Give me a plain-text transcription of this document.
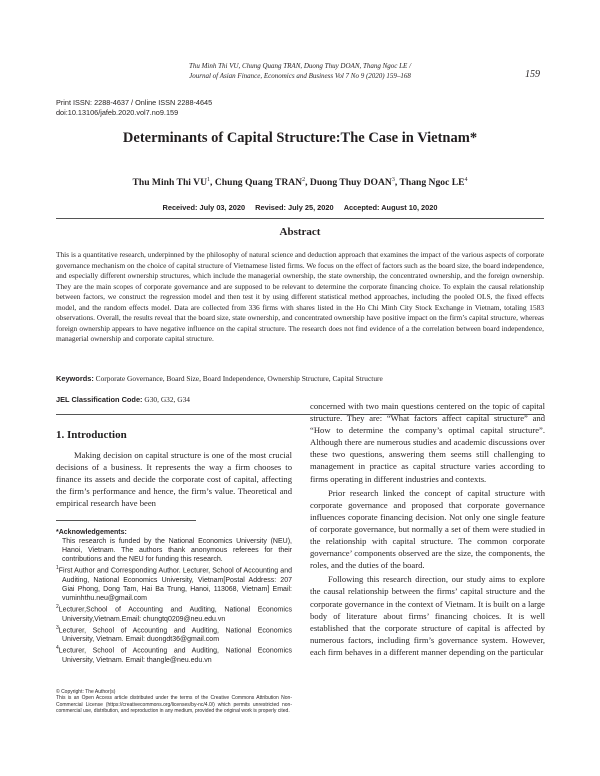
Thu Minh Thi VU, Chung Quang TRAN, Duong Thuy DOAN, Thang Ngoc LE /
Journal of Asian Finance, Economics and Business Vol 7 No 9 (2020) 159–168	159
Print ISSN: 2288-4637 / Online ISSN 2288-4645
doi:10.13106/jafeb.2020.vol7.no9.159
Determinants of Capital Structure:The Case in Vietnam*
Thu Minh Thi $VU^1$, Chung Quang TRAN$^2$, Duong Thuy DOAN$^3$, Thang Ngoc $LE^4$
Received: July 03, 2020 Revised: July 25, 2020 Accepted: August 10, 2020
Abstract
This is a quantitative research, underpinned by the philosophy of natural science and deduction approach that examines the impact of the various aspects of corporate governance mechanism on the choice of capital structure of Vietnamese listed firms. We focus on the effect of factors such as the board size, the board independence, and especially different ownership structures, which include the managerial ownership, the state ownership, the concentrated ownership, and the foreign ownership. They are the main scopes of corporate governance and are supposed to be relevant to determine the corporate financing choice. To explain the causal relationship between factors, we construct the regression model and then test it by using different statistical method approaches, including the pooled OLS, the fixed effects model, and the random effects model. Data are collected from 336 firms with shares listed in the Ho Chi Minh City Stock Exchange in Vietnam, totaling 1583 observations. Overall, the results reveal that the board size, state ownership, and concentrated ownership have positive impact on the firm’s capital structure, whereas foreign ownership appears to have negative influence on the capital structure. The research does not find evidence of a the correlation between board independence, managerial ownership and corporate capital structure.
Keywords: Corporate Governance, Board Size, Board Independence, Ownership Structure, Capital Structure
JEL Classification Code: G30, G32, G34
1. Introduction
Making decision on capital structure is one of the most crucial decisions of a business. It represents the way a firm chooses to finance its assets and decide the corporate cost of capital, affecting the firm’s performance and hence, the firm’s value. Theoretical and empirical research have been
*Acknowledgements:
This research is funded by the National Economics University (NEU), Hanoi, Vietnam. The authors thank anonymous referees for their contributions and the NEU for funding this research.
$^1$First Author and Corresponding Author. Lecturer, School of Accounting and Auditing, National Economics University, Vietnam[Postal Address: 207 Giai Phong, Dong Tam, Hai Ba Trung, Hanoi, 113068, Vietnam] Email: vuminhthu.neu@gmail.com
$^2$Lecturer,School of Accounting and Auditing, National Economics University,Vietnam.Email: chungtq0209@neu.edu.vn
$^3$Lecturer, School of Accounting and Auditing, National Economics University, Vietnam. Email: duongdt36@gmail.com
$^4$Lecturer, School of Accounting and Auditing, National Economics University, Vietnam. Email: thangle@neu.edu.vn
© Copyright: The Author(s)
This is an Open Access article distributed under the terms of the Creative Commons Attribution Non-Commercial License (https://creativecommons.org/licenses/by-nc/4.0/) which permits unrestricted non-commercial use, distribution, and reproduction in any medium, provided the original work is properly cited.

concerned with two main questions centered on the topic of capital structure. They are: “What factors affect capital structure” and “How to determine the company’s optimal capital structure”. Although there are numerous studies and academic discussions over these two questions, answering them seems still challenging to management in practice as capital structure varies according to firms operating in different industries and contexts.

Prior research linked the concept of capital structure with corporate governance and proposed that corporate governance influences coporate financing decision. Not only one single feature of corporate governance, but normally a set of them were studied in the relationship with capital structure. The common corporate governance’ components observed are the size, the components, the roles, and the duties of the board.

Following this research direction, our study aims to explore the causal relationship between the firms’ capital structure and the corporate governance in the context of Vietnam. It is built on a large body of literature about firms’ financing choices. It is well established that the corporate structure of capital is affected by numerous factors, including firm’s governance system. However, each firm behaves in a different manner depending on the particular
